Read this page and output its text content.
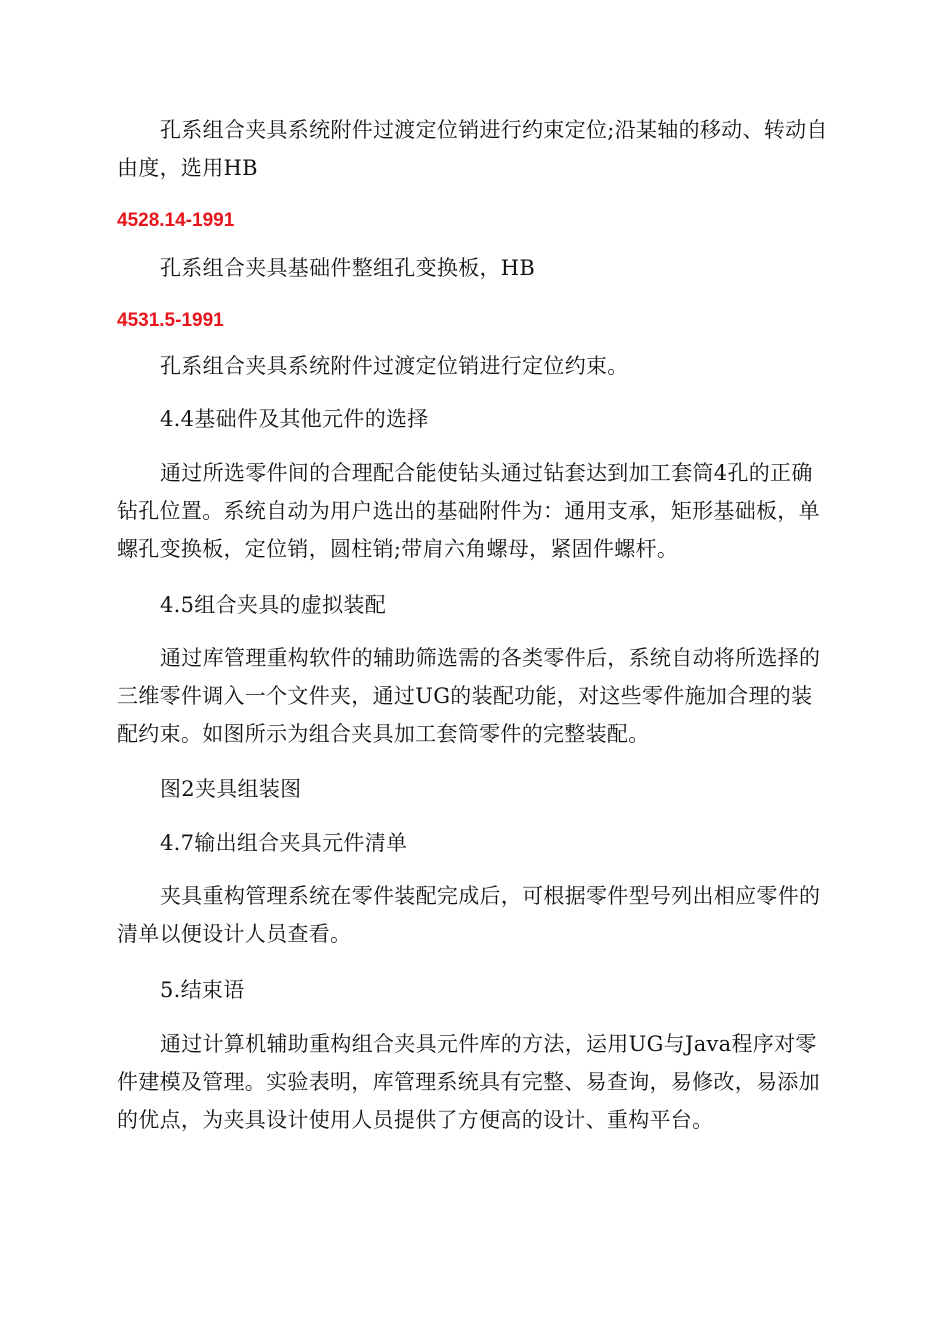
孔系组合夹具系统附件过渡定位销进行约束定位;沿某轴的移动、转动自由度，选用HB

4528.14-1991

孔系组合夹具基础件整组孔变换板，HB

4531.5-1991

孔系组合夹具系统附件过渡定位销进行定位约束。

4.4基础件及其他元件的选择

通过所选零件间的合理配合能使钻头通过钻套达到加工套筒4孔的正确钻孔位置。系统自动为用户选出的基础附件为：通用支承，矩形基础板，单螺孔变换板，定位销，圆柱销;带肩六角螺母，紧固件螺杆。

4.5组合夹具的虚拟装配

通过库管理重构软件的辅助筛选需的各类零件后，系统自动将所选择的三维零件调入一个文件夹，通过UG的装配功能，对这些零件施加合理的装配约束。如图所示为组合夹具加工套筒零件的完整装配。

图2夹具组装图

4.7输出组合夹具元件清单

夹具重构管理系统在零件装配完成后，可根据零件型号列出相应零件的清单以便设计人员查看。

5.结束语

通过计算机辅助重构组合夹具元件库的方法，运用UG与Java程序对零件建模及管理。实验表明，库管理系统具有完整、易查询，易修改，易添加的优点，为夹具设计使用人员提供了方便高的设计、重构平台。
